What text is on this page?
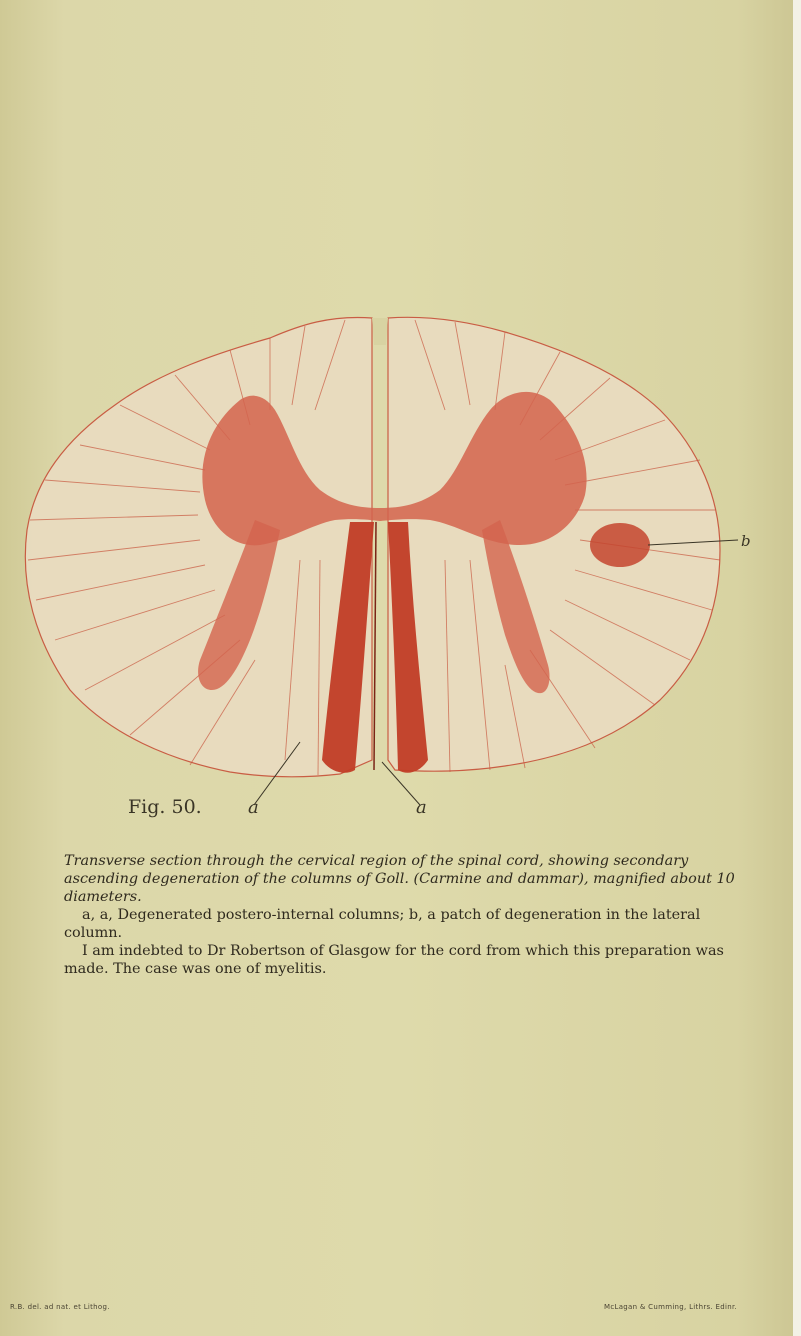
Fig. 50.	a	a
b

Transverse section through the cervical region of the spinal cord, showing secondary ascending degeneration of the columns of Goll. (Carmine and dammar), magnified about 10 diameters.

a, a, Degenerated postero-internal columns; b, a patch of degeneration in the lateral column.

I am indebted to Dr Robertson of Glasgow for the cord from which this preparation was made. The case was one of myelitis.

R.B. del. ad nat. et Lithog.	McLagan & Cumming, Lithrs. Edinr.
